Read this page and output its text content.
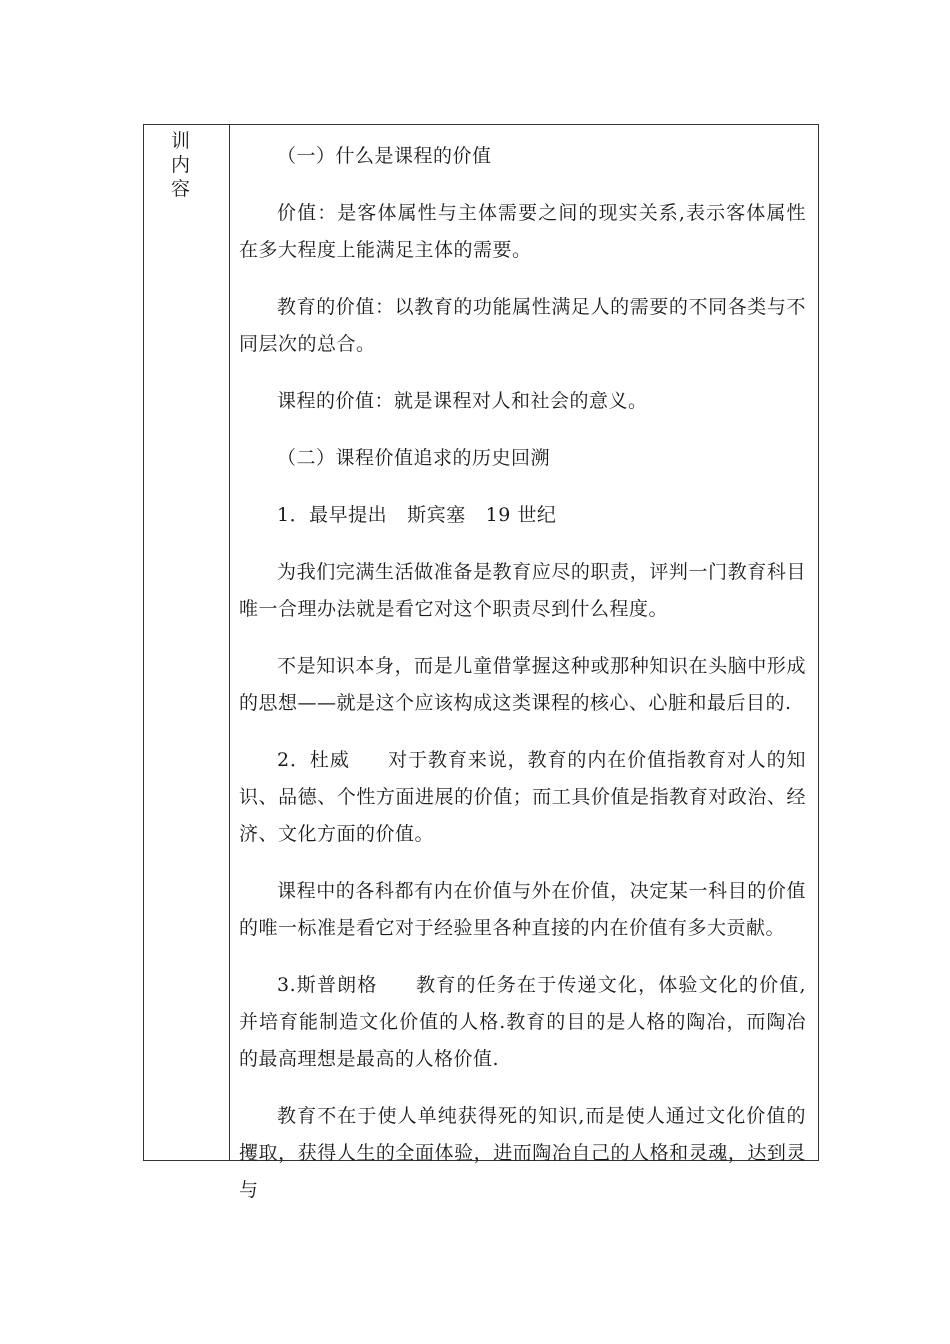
训
内
容

（一）什么是课程的价值

价值：是客体属性与主体需要之间的现实关系,表示客体属性在多大程度上能满足主体的需要。

教育的价值：以教育的功能属性满足人的需要的不同各类与不同层次的总合。

课程的价值：就是课程对人和社会的意义。

（二）课程价值追求的历史回溯

1．最早提出 斯宾塞 19 世纪

为我们完满生活做准备是教育应尽的职责，评判一门教育科目唯一合理办法就是看它对这个职责尽到什么程度。

不是知识本身，而是儿童借掌握这种或那种知识在头脑中形成的思想——就是这个应该构成这类课程的核心、心脏和最后目的.

2．杜威 对于教育来说，教育的内在价值指教育对人的知识、品德、个性方面进展的价值；而工具价值是指教育对政治、经济、文化方面的价值。

课程中的各科都有内在价值与外在价值，决定某一科目的价值的唯一标准是看它对于经验里各种直接的内在价值有多大贡献。

3.斯普朗格 教育的任务在于传递文化，体验文化的价值,并培育能制造文化价值的人格.教育的目的是人格的陶冶，而陶冶的最高理想是最高的人格价值.

教育不在于使人单纯获得死的知识,而是使人通过文化价值的攫取，获得人生的全面体验，进而陶冶自己的人格和灵魂，达到灵与
